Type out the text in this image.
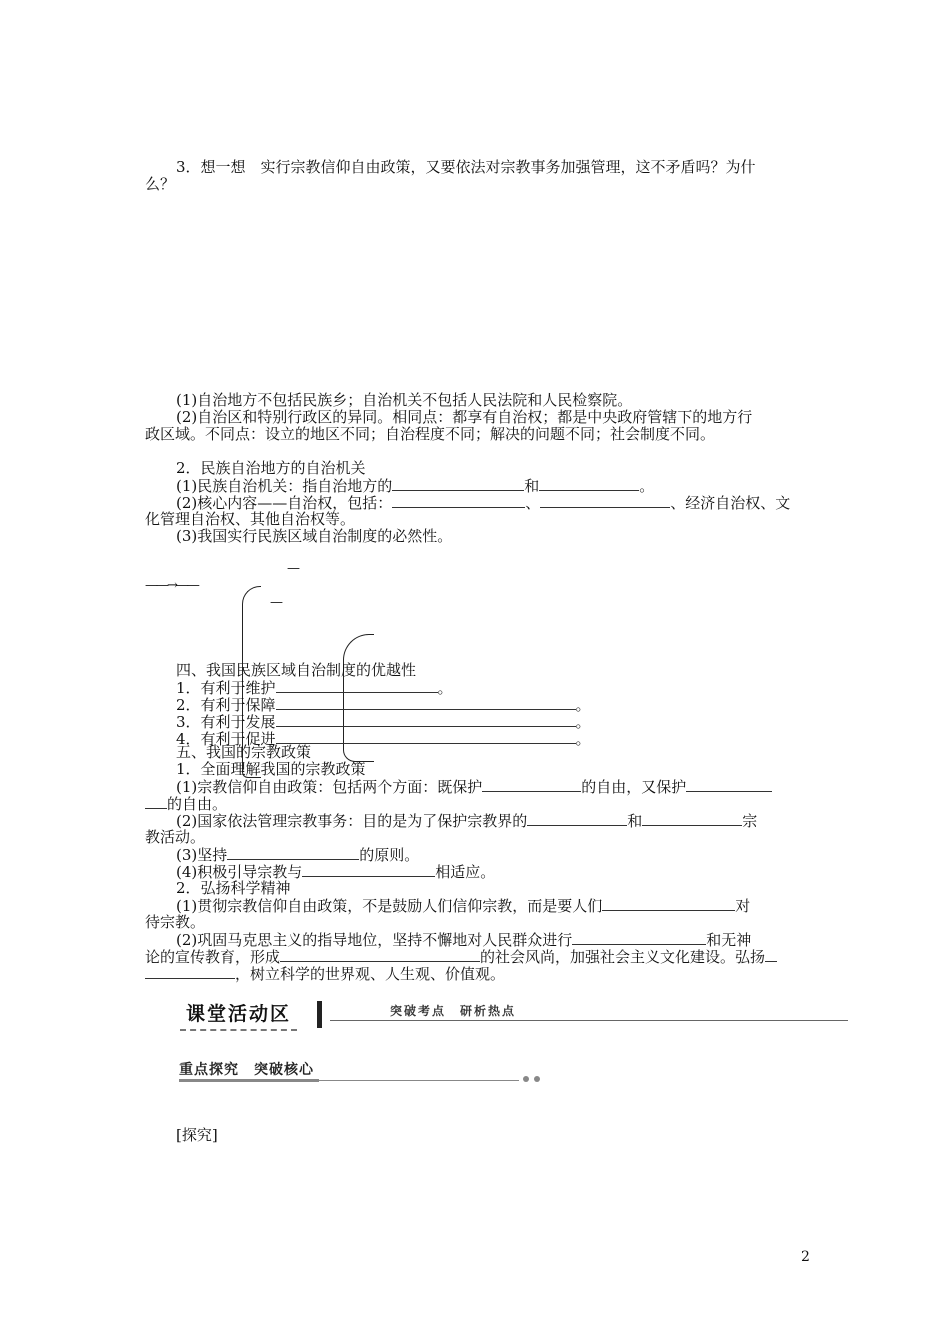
3．想一想　实行宗教信仰自由政策，又要依法对宗教事务加强管理，这不矛盾吗？为什
么？
(1)自治地方不包括民族乡；自治机关不包括人民法院和人民检察院。
(2)自治区和特别行政区的异同。相同点：都享有自治权；都是中央政府管辖下的地方行
政区域。不同点：设立的地区不同；自治程度不同；解决的问题不同；社会制度不同。
2．民族自治地方的自治机关
(1)民族自治机关：指自治地方的	和	。
(2)核心内容——自治权，包括：	、	、经济自治权、文
化管理自治权、其他自治权等。
(3)我国实行民族区域自治制度的必然性。
——→——
—
—
四、我国民族区域自治制度的优越性
1．有利于维护	。
2．有利于保障	。
3．有利于发展	。
4．有利于促进	。
五、我国的宗教政策
1．全面理解我国的宗教政策
(1)宗教信仰自由政策：包括两个方面：既保护	的自由，又保护
的自由。
(2)国家依法管理宗教事务：目的是为了保护宗教界的	和	宗
教活动。
(3)坚持	的原则。
(4)积极引导宗教与	相适应。
2．弘扬科学精神
(1)贯彻宗教信仰自由政策，不是鼓励人们信仰宗教，而是要人们	对
待宗教。
(2)巩固马克思主义的指导地位，坚持不懈地对人民群众进行	和无神
论的宣传教育，形成	的社会风尚，加强社会主义文化建设。弘扬
，树立科学的世界观、人生观、价值观。
课堂活动区	突破考点　研析热点
重点探究　突破核心
[探究]
2
